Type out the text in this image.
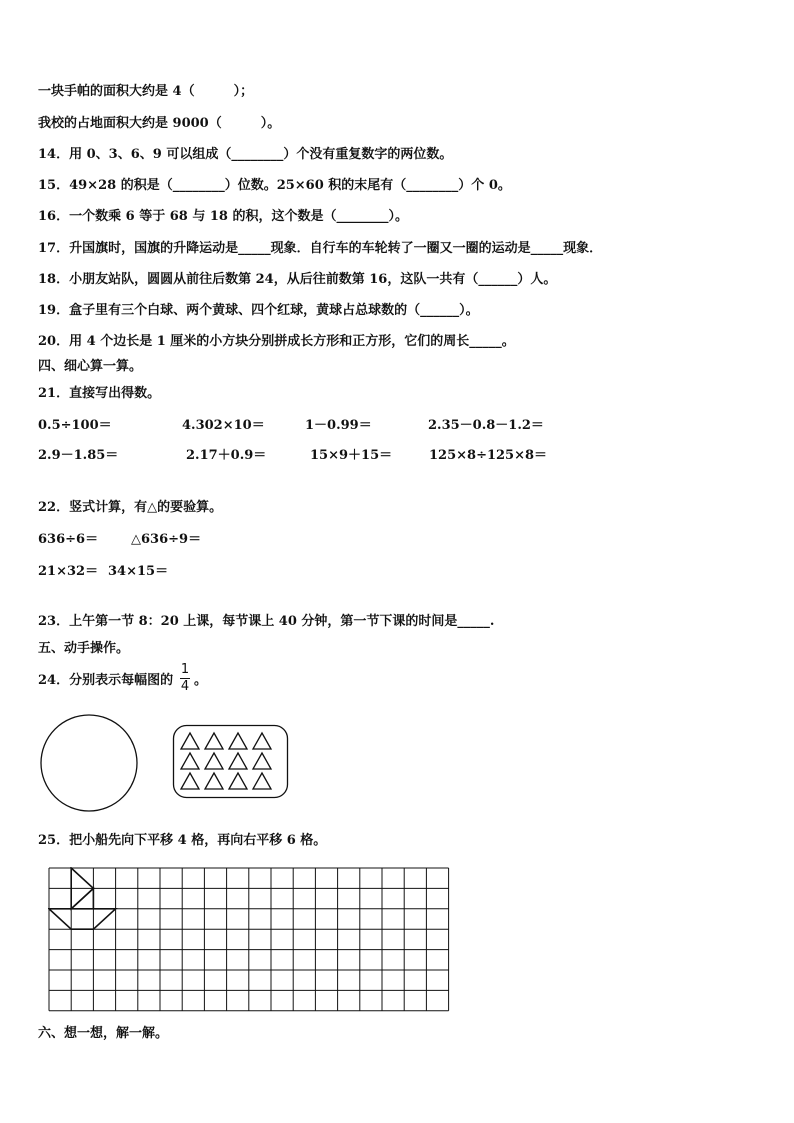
一块手帕的面积大约是 4（　　　）；
我校的占地面积大约是 9000（　　　）。
14．用 0、3、6、9 可以组成（________）个没有重复数字的两位数。
15．49×28 的积是（________）位数。25×60 积的末尾有（________）个 0。
16．一个数乘 6 等于 68 与 18 的积，这个数是（________）。
17．升国旗时，国旗的升降运动是_____现象．自行车的车轮转了一圈又一圈的运动是_____现象．
18．小朋友站队，圆圆从前往后数第 24，从后往前数第 16，这队一共有（______）人。
19．盒子里有三个白球、两个黄球、四个红球，黄球占总球数的（______）。
20．用 4 个边长是 1 厘米的小方块分别拼成长方形和正方形，它们的周长_____。
四、细心算一算。
21．直接写出得数。
0.5÷100＝	4.302×10＝	1－0.99＝	2.35－0.8－1.2＝
2.9－1.85＝	2.17＋0.9＝	15×9＋15＝	125×8÷125×8＝
22．竖式计算，有△的要验算。
636÷6＝	△636÷9＝
21×32＝ 34×15＝
23．上午第一节 8：20 上课，每节课上 40 分钟，第一节下课的时间是_____.
五、动手操作。
24．分别表示每幅图的
1
4 。
25．把小船先向下平移 4 格，再向右平移 6 格。
六、想一想，解一解。
